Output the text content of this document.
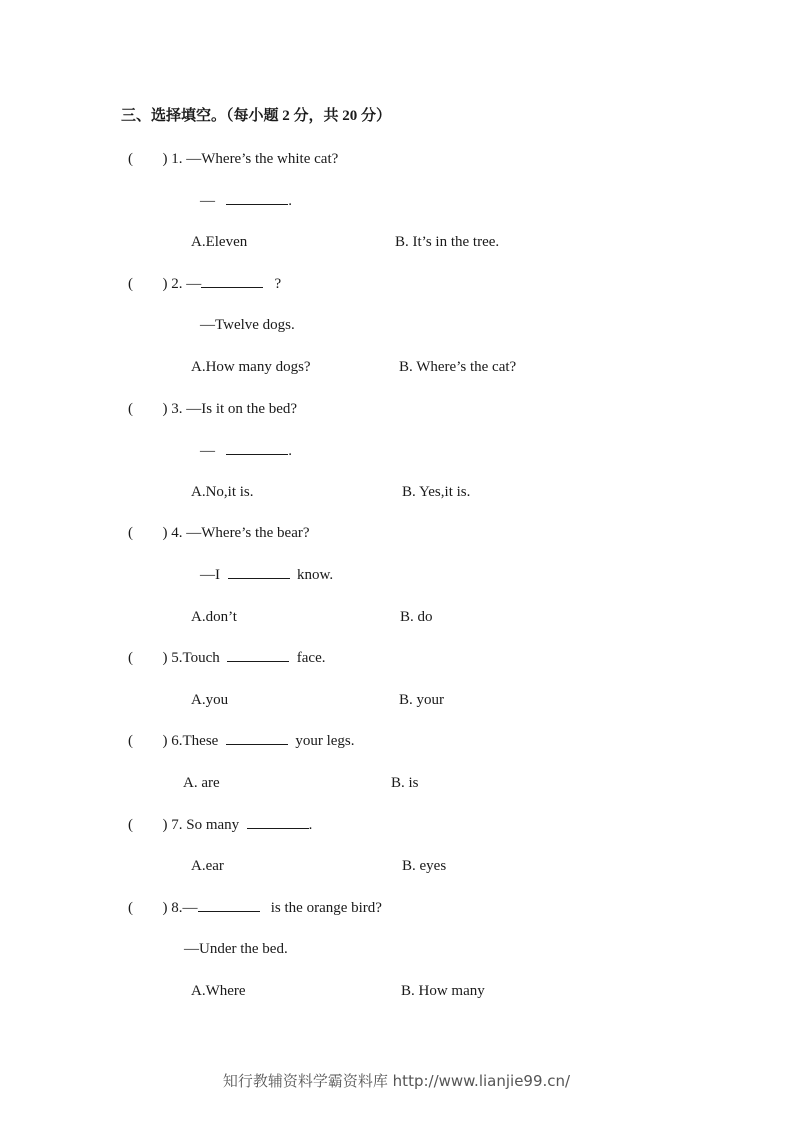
三、选择填空。（每小题 2 分，共 20 分）
( ) 1. —Where’s the white cat?
—	.
A.Eleven	B. It’s in the tree.
( ) 2. —	?
—Twelve dogs.
A.How many dogs?	B. Where’s the cat?
( ) 3. —Is it on the bed?
—	.
A.No,it is.	B. Yes,it is.
( ) 4. —Where’s the bear?
—I	know.
A.don’t	B. do
( ) 5.Touch	face.
A.you	B. your
( ) 6.These	your legs.
A. are	B. is
( ) 7. So many	.
A.ear	B. eyes
( ) 8.—	is the orange bird?
—Under the bed.
A.Where	B. How many
知行教辅资料学霸资料库 http://www.lianjie99.cn/
